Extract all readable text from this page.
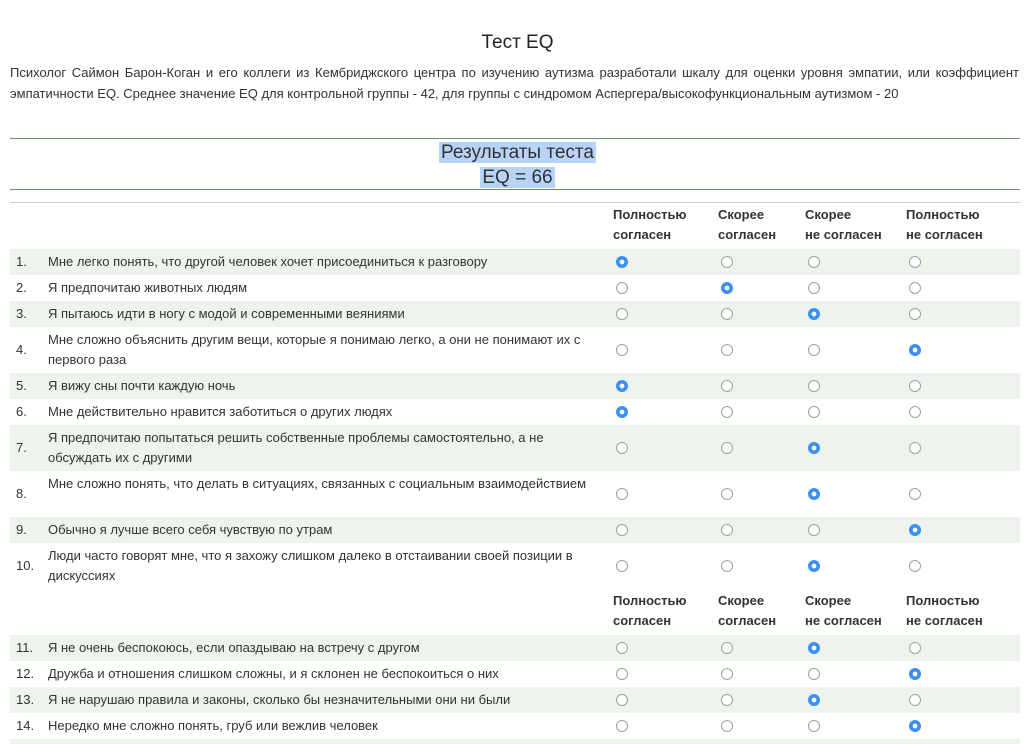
Тест EQ
Психолог Саймон Барон-Коган и его коллеги из Кембриджского центра по изучению аутизма разработали шкалу для оценки уровня эмпатии, или коэффициент эмпатичности EQ. Среднее значение EQ для контрольной группы - 42, для группы с синдромом Аспергера/высокофункциональным аутизмом - 20
Результаты теста
EQ = 66
Полностью
согласен
Скорее
согласен
Скорее
не согласен
Полностью
не согласен
Полностью
согласен
Скорее
согласен
Скорее
не согласен
Полностью
не согласен
1. Мне легко понять, что другой человек хочет присоединиться к разговору
2. Я предпочитаю животных людям
3. Я пытаюсь идти в ногу с модой и современными веяниями
4.
Мне сложно объяснить другим вещи, которые я понимаю легко, а они не понимают их с первого раза
5. Я вижу сны почти каждую ночь
6. Мне действительно нравится заботиться о других людях
7.
Я предпочитаю попытаться решить собственные проблемы самостоятельно, а не обсуждать их с другими
8.
Мне сложно понять, что делать в ситуациях, связанных с социальным взаимодействием
9. Обычно я лучше всего себя чувствую по утрам
10.
Люди часто говорят мне, что я захожу слишком далеко в отстаивании своей позиции в дискуссиях
11. Я не очень беспокоюсь, если опаздываю на встречу с другом
12. Дружба и отношения слишком сложны, и я склонен не беспокоиться о них
13. Я не нарушаю правила и законы, сколько бы незначительными они ни были
14. Нередко мне сложно понять, груб или вежлив человек
